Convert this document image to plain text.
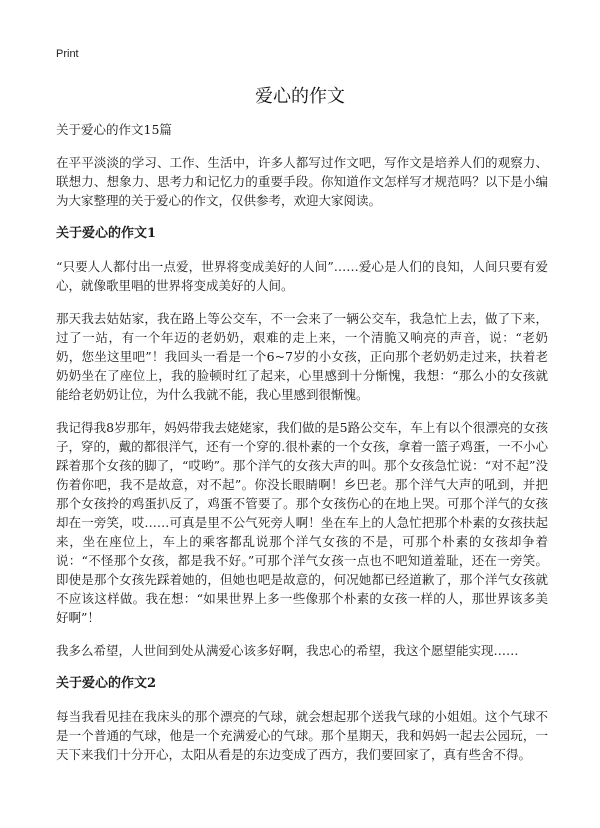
Print
爱心的作文

关于爱心的作文15篇

在平平淡淡的学习、工作、生活中，许多人都写过作文吧，写作文是培养人们的观察力、联想力、想象力、思考力和记忆力的重要手段。你知道作文怎样写才规范吗？以下是小编为大家整理的关于爱心的作文，仅供参考，欢迎大家阅读。

关于爱心的作文1

“只要人人都付出一点爱，世界将变成美好的人间”……爱心是人们的良知，人间只要有爱心，就像歌里唱的世界将变成美好的人间。

那天我去姑姑家，我在路上等公交车，不一会来了一辆公交车，我急忙上去，做了下来，过了一站，有一个年迈的老奶奶，艰难的走上来，一个清脆又响亮的声音，说：“老奶奶，您坐这里吧”！我回头一看是一个6~7岁的小女孩，正向那个老奶奶走过来，扶着老奶奶坐在了座位上，我的脸顿时红了起来，心里感到十分惭愧，我想：“那么小的女孩就能给老奶奶让位，为什么我就不能，我心里感到很惭愧。

我记得我8岁那年，妈妈带我去姥姥家，我们做的是5路公交车，车上有以个很漂亮的女孩子，穿的，戴的都很洋气，还有一个穿的.很朴素的一个女孩，拿着一篮子鸡蛋，一不小心踩着那个女孩的脚了，“哎哟”。那个洋气的女孩大声的叫。那个女孩急忙说：“对不起”没伤着你吧，我不是故意，对不起”。你没长眼睛啊！乡巴老。那个洋气大声的吼到，并把那个女孩拎的鸡蛋扒反了，鸡蛋不管要了。那个女孩伤心的在地上哭。可那个洋气的女孩却在一旁笑，哎……可真是里不公气死旁人啊！坐在车上的人急忙把那个朴素的女孩扶起来，坐在座位上，车上的乘客都乱说那个洋气女孩的不是，可那个朴素的女孩却争着说：“不怪那个女孩，都是我不好。”可那个洋气女孩一点也不吧知道羞耻，还在一旁笑。即使是那个女孩先踩着她的，但她也吧是故意的，何况她都已经道歉了，那个洋气女孩就不应该这样做。我在想：“如果世界上多一些像那个朴素的女孩一样的人，那世界该多美好啊”！

我多么希望，人世间到处从满爱心该多好啊，我忠心的希望，我这个愿望能实现……

关于爱心的作文2

每当我看见挂在我床头的那个漂亮的气球，就会想起那个送我气球的小姐姐。这个气球不是一个普通的气球，他是一个充满爱心的气球。那个星期天，我和妈妈一起去公园玩，一天下来我们十分开心，太阳从看是的东边变成了西方，我们要回家了，真有些舍不得。
